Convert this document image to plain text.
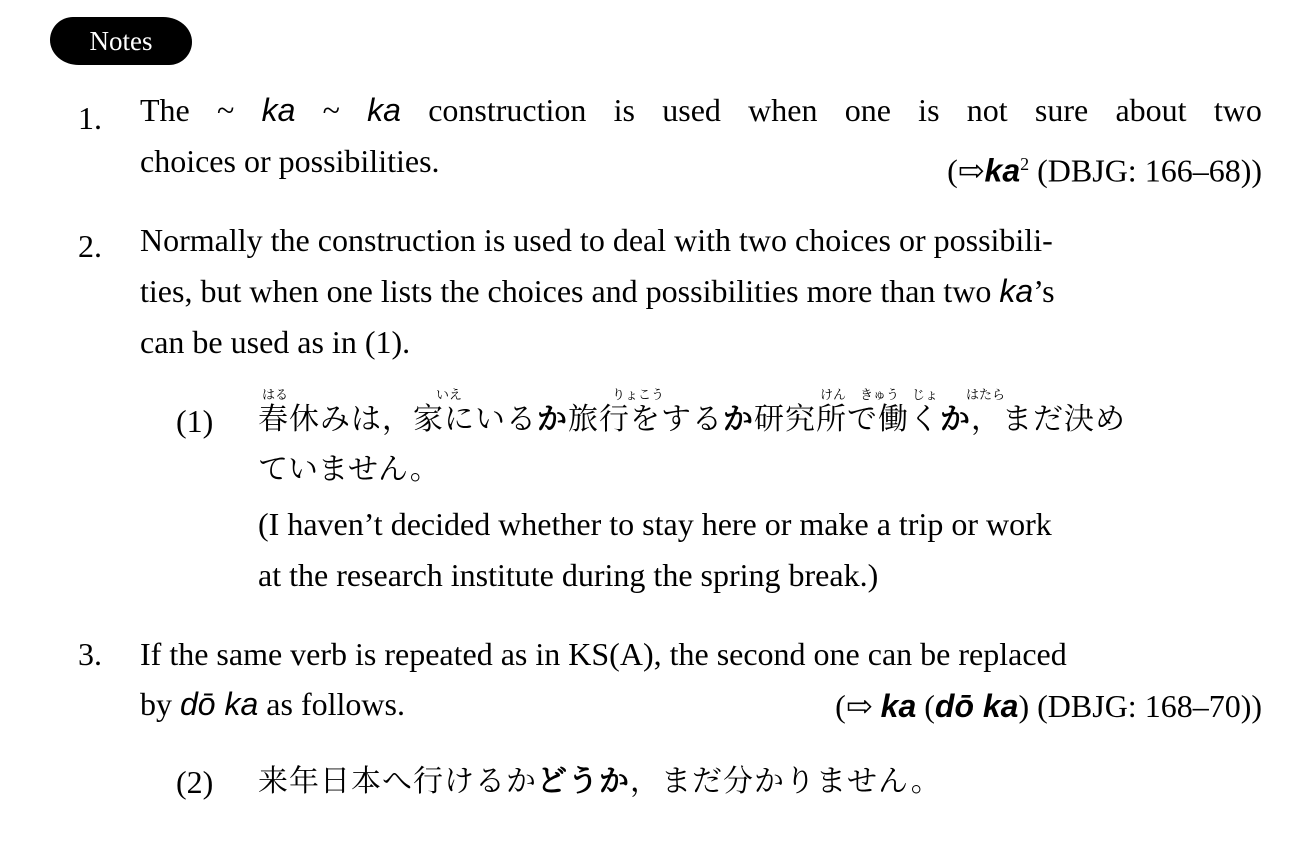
Notes
1. The ~ ka ~ ka construction is used when one is not sure about two
choices or possibilities.	($⇨ka^2$ (DBJG: 166–68))
2. Normally the construction is used to deal with two choices or possibili-
ties, but when one lists the choices and possibilities more than two ka’s
can be used as in (1).
(1)
はる	いえ	りょこう	けん きゅう じょ はたら
春休みは，家にいるか旅行をするか研究所で働くか，まだ決め
ていません。
(I haven’t decided whether to stay here or make a trip or work
at the research institute during the spring break.)
3. If the same verb is repeated as in KS(A), the second one can be replaced
by dō ka as follows.	(⇨ ka (dō ka) (DBJG: 168–70))
(2) 来年日本へ行けるかどうか，まだ分かりません。
